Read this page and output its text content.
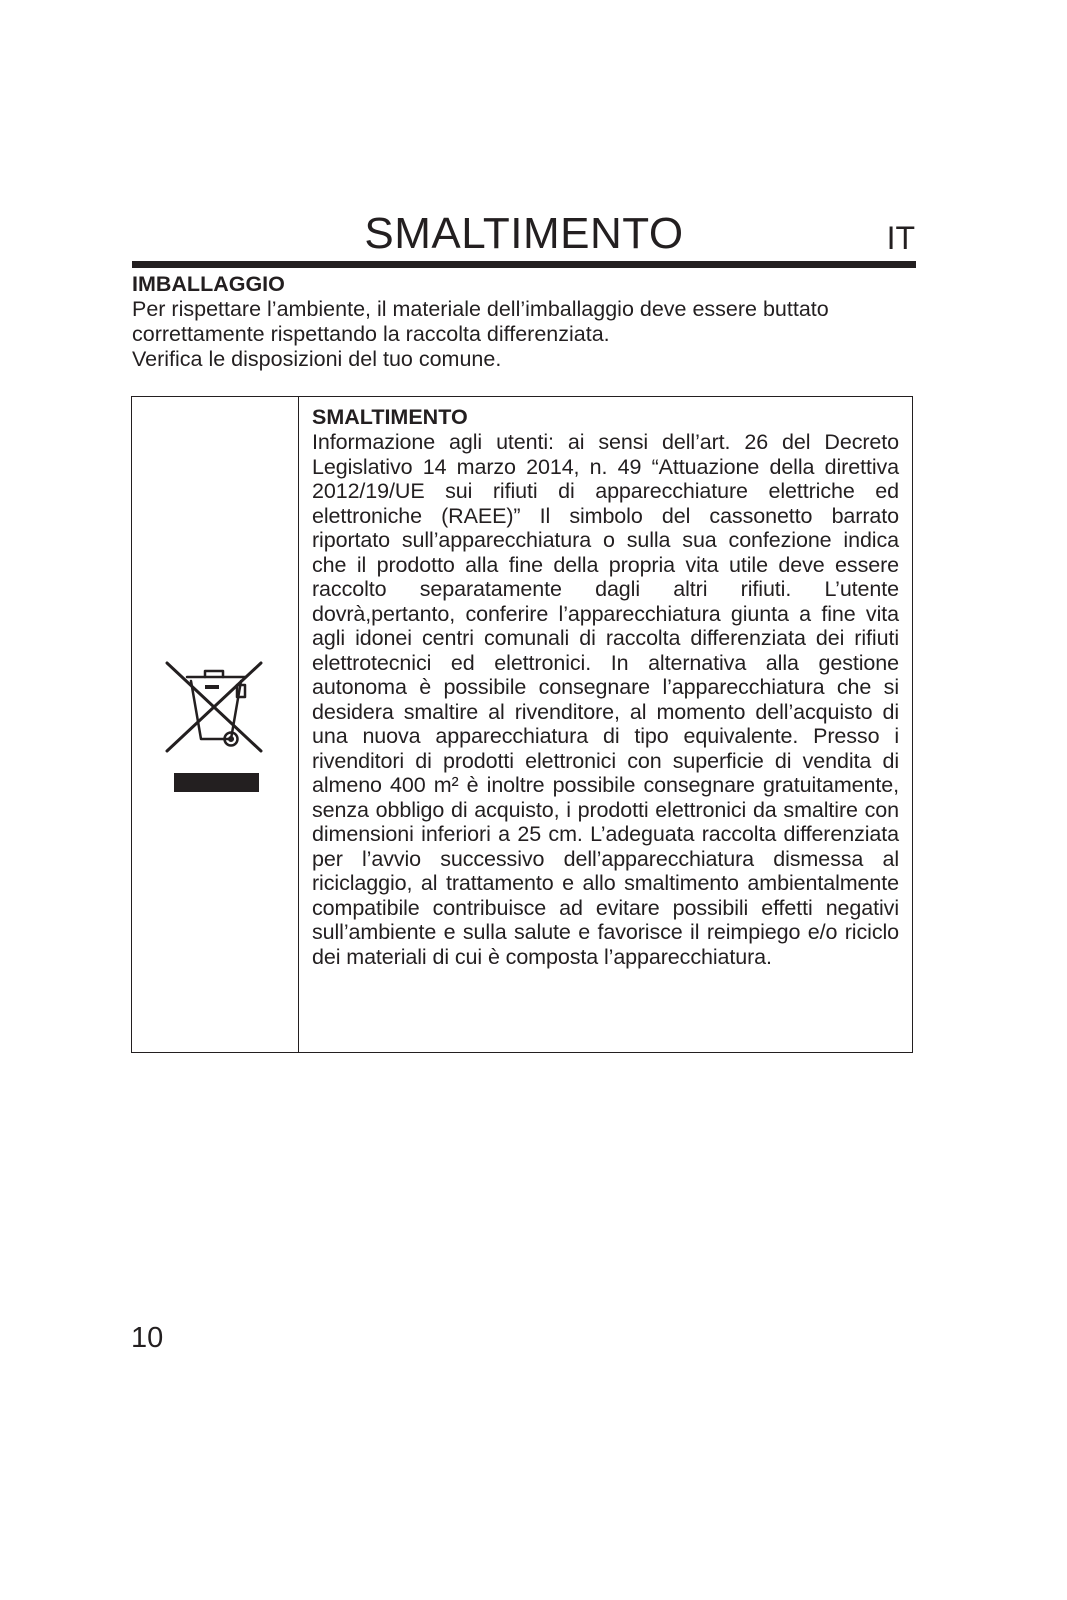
SMALTIMENTO	IT
IMBALLAGGIO

Per rispettare l’ambiente, il materiale dell’imballaggio deve essere buttato correttamente rispettando la raccolta differenziata.

Verifica le disposizioni del tuo comune.

SMALTIMENTO

Informazione agli utenti: ai sensi dell’art. 26 del Decreto Legislativo 14 marzo 2014, n. 49 “Attuazione della direttiva 2012/19/UE sui rifiuti di apparecchiature elettriche ed elettroniche (RAEE)” Il simbolo del cassonetto barrato riportato sull’apparecchiatura o sulla sua confezione indica che il prodotto alla fine della propria vita utile deve essere raccolto separatamente dagli altri rifiuti. L’utente dovrà,pertanto, conferire l’apparecchiatura giunta a fine vita agli idonei centri comunali di raccolta differenziata dei rifiuti elettrotecnici ed elettronici. In alternativa alla gestione autonoma è possibile consegnare l’apparecchiatura che si desidera smaltire al rivenditore, al momento dell’acquisto di una nuova apparecchiatura di tipo equivalente. Presso i rivenditori di prodotti elettronici con superficie di vendita di almeno 400 m² è inoltre possibile consegnare gratuitamente, senza obbligo di acquisto, i prodotti elettronici da smaltire con dimensioni inferiori a 25 cm. L’adeguata raccolta differenziata per l’avvio successivo dell’apparecchiatura dismessa al riciclaggio, al trattamento e allo smaltimento ambientalmente compatibile contribuisce ad evitare possibili effetti negativi sull’ambiente e sulla salute e favorisce il reimpiego e/o riciclo dei materiali di cui è composta l’apparecchiatura.

10
